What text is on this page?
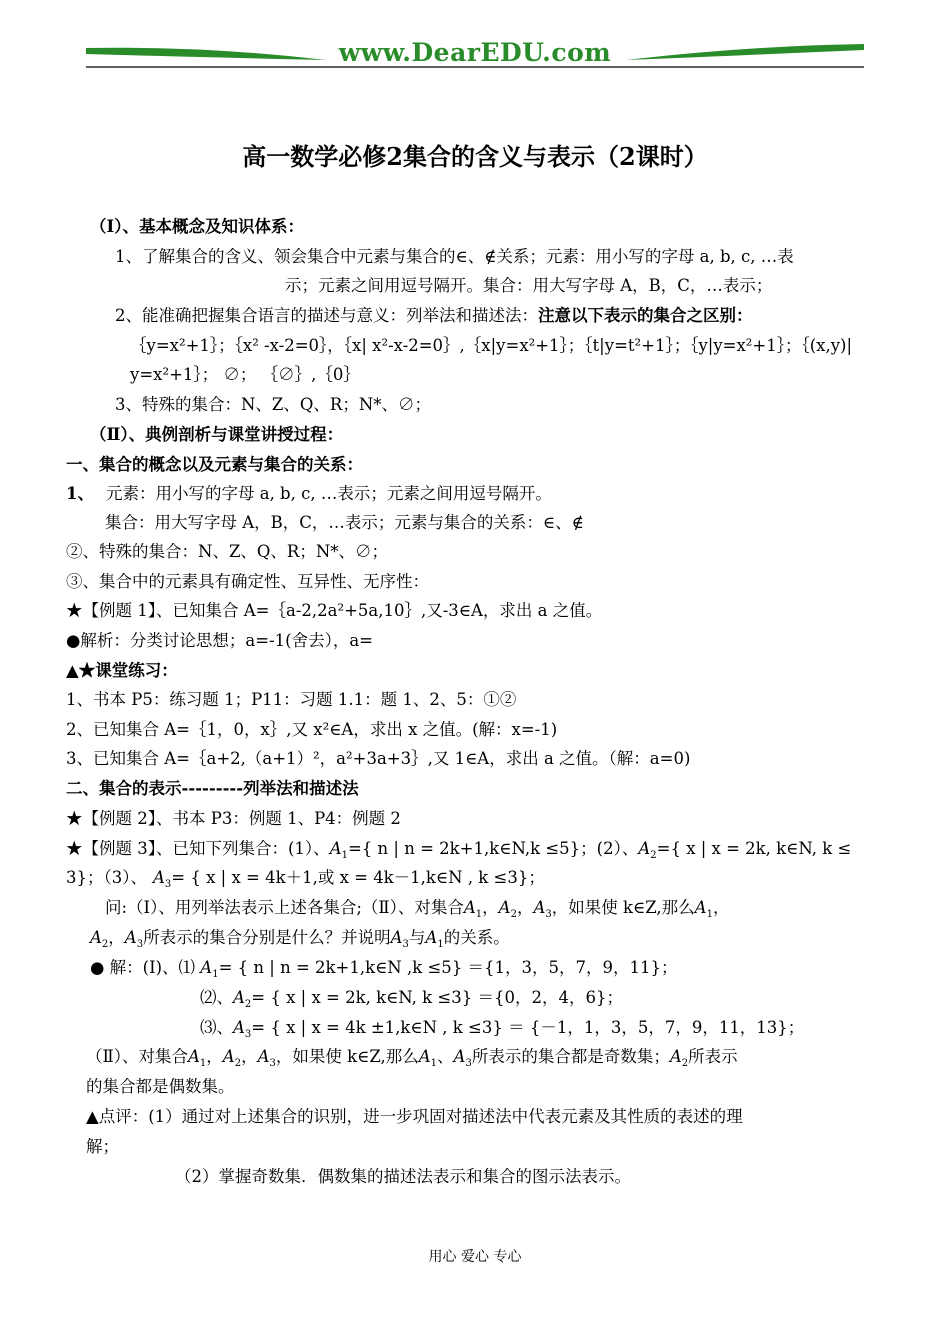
www.DearEDU.com
高一数学必修2集合的含义与表示（2课时）
（Ⅰ）、基本概念及知识体系：
1、了解集合的含义、领会集合中元素与集合的∈、∉关系；元素：用小写的字母 a, b, c, …表
示；元素之间用逗号隔开。集合：用大写字母 A，B，C，…表示；
2、能准确把握集合语言的描述与意义：列举法和描述法：注意以下表示的集合之区别：
｛y=x²+1｝；｛x² -x-2=0｝，｛x| x²-x-2=0｝,｛x|y=x²+1｝；｛t|y=t²+1｝；｛y|y=x²+1｝；｛(x,y)|
y=x²+1｝； ∅； ｛∅｝,｛0｝
3、特殊的集合：N、Z、Q、R；N*、∅；
（Ⅱ）、典例剖析与课堂讲授过程：
一、集合的概念以及元素与集合的关系：
1、 元素：用小写的字母 a, b, c, …表示；元素之间用逗号隔开。
集合：用大写字母 A，B，C，…表示；元素与集合的关系：∈、∉
②、特殊的集合：N、Z、Q、R；N*、∅；
③、集合中的元素具有确定性、互异性、无序性：
★【例题 1】、已知集合 A=｛a-2,2a²+5a,10｝,又-3∈A，求出 a 之值。
●解析：分类讨论思想；a=-1(舍去），a=
▲★课堂练习：
1、书本 P5：练习题 1；P11：习题 1.1：题 1、2、5：①②
2、已知集合 A=｛1，0，x｝,又 x²∈A，求出 x 之值。(解：x=-1)
3、已知集合 A=｛a+2,（a+1）²，a²+3a+3｝,又 1∈A，求出 a 之值。（解：a=0)
二、集合的表示---------列举法和描述法
★【例题 2】、书本 P3：例题 1、P4：例题 2
★【例题 3】、已知下列集合：(1）、$A_1=${ n | n = 2k+1,k∈N,k ≤5}；(2）、$A_2=${ x | x = 2k, k∈N, k ≤
3}；（3）、 $A_3=$ { x | x = 4k＋1,或 x = 4k－1,k∈N , k ≤3}；
问:（Ⅰ）、用列举法表示上述各集合;（Ⅱ）、对集合$A_1$，$A_2$，$A_3$，如果使 k∈Z,那么$A_1$，
$A_2$，$A_3$所表示的集合分别是什么？并说明$A_3$与$A_1$的关系。
● 解：(Ⅰ)、⑴ $A_1=$ { n | n = 2k+1,k∈N ,k ≤5} ＝{1，3，5，7，9，11}；
⑵、$A_2=$ { x | x = 2k, k∈N, k ≤3} ＝{0，2，4，6}；
⑶、$A_3=$ { x | x = 4k ±1,k∈N , k ≤3} ＝ {－1，1，3，5，7，9，11，13}；
（Ⅱ）、对集合$A_1$，$A_2$，$A_3$，如果使 k∈Z,那么$A_1$、$A_3$所表示的集合都是奇数集；$A_2$所表示
的集合都是偶数集。
▲点评：(1）通过对上述集合的识别，进一步巩固对描述法中代表元素及其性质的表述的理
解；
（2）掌握奇数集．偶数集的描述法表示和集合的图示法表示。
用心 爱心 专心
